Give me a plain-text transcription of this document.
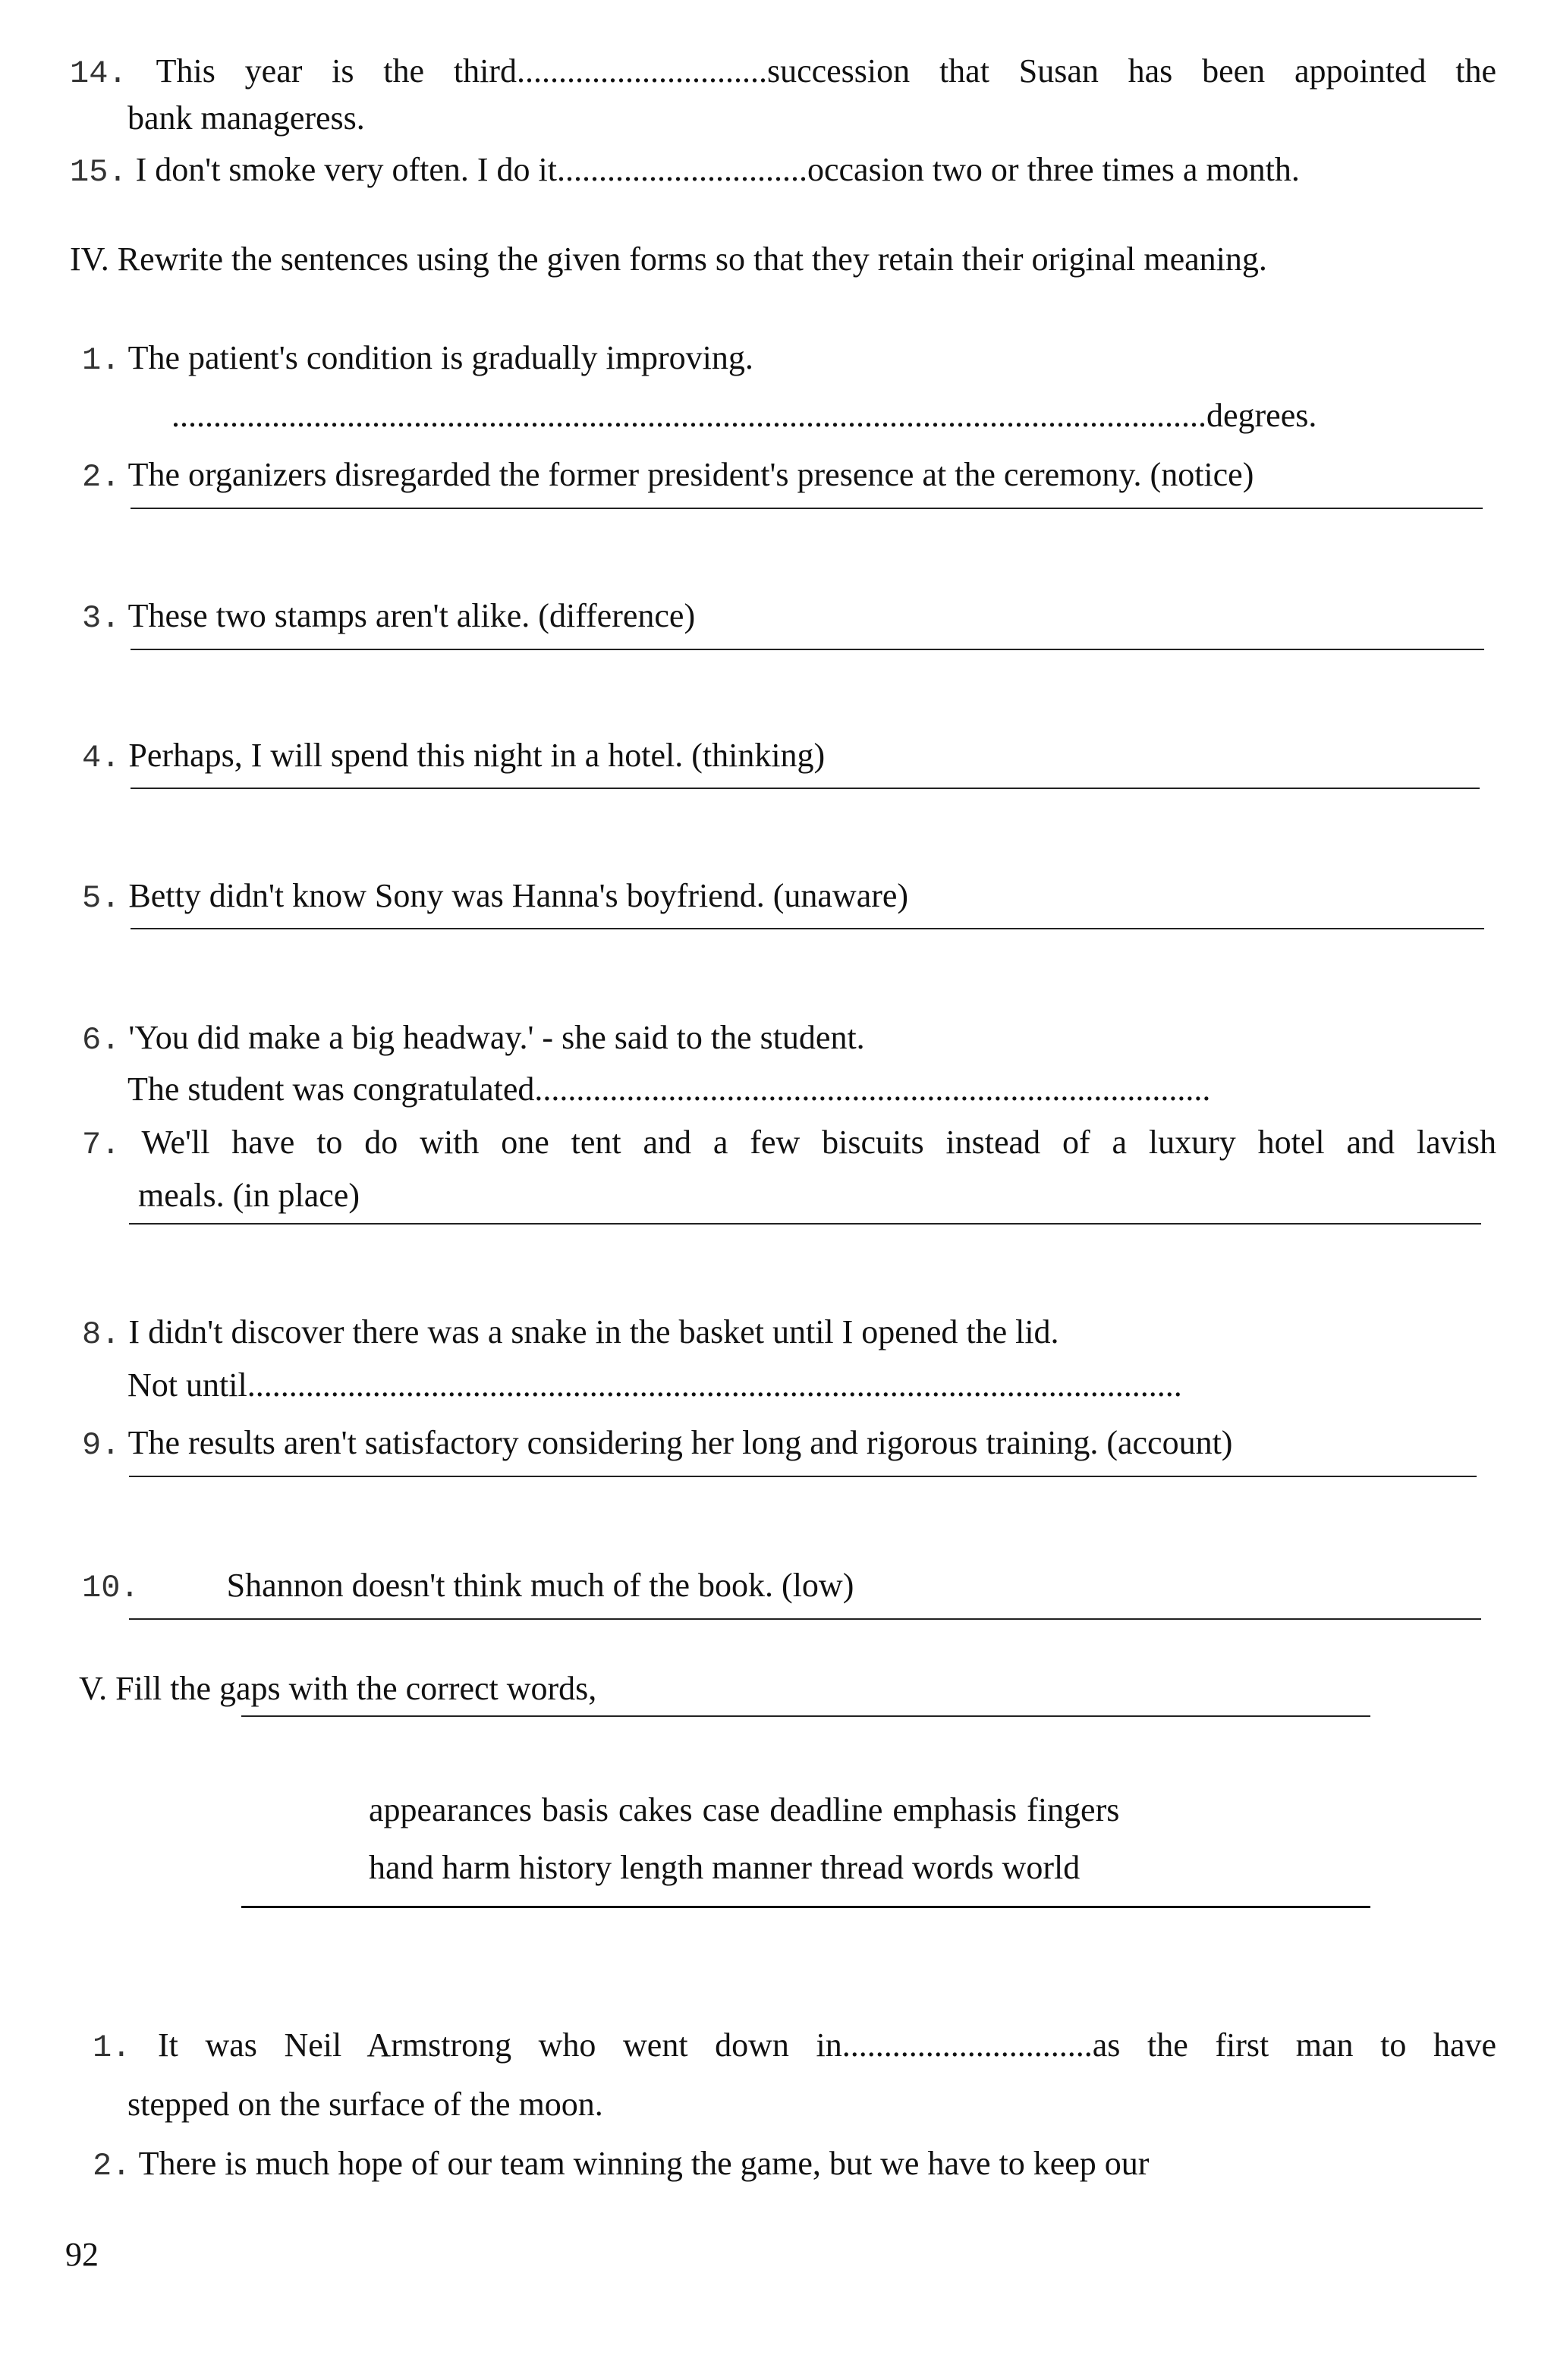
14. This year is the third..............................succession that Susan has been appointed the
bank manageress.
15. I don't smoke very often. I do it..............................occasion two or three times a month.
IV. Rewrite the sentences using the given forms so that they retain their original meaning.
1. The patient's condition is gradually improving.
............................................................................................................................degrees.
2. The organizers disregarded the former president's presence at the ceremony. (notice)
3. These two stamps aren't alike. (difference)
4. Perhaps, I will spend this night in a hotel. (thinking)
5. Betty didn't know Sony was Hanna's boyfriend. (unaware)
6. 'You did make a big headway.' - she said to the student.
The student was congratulated.................................................................................
7. We'll have to do with one tent and a few biscuits instead of a luxury hotel and lavish
meals. (in place)
8. I didn't discover there was a snake in the basket until I opened the lid.
Not until................................................................................................................
9. The results aren't satisfactory considering her long and rigorous training. (account)
10.	Shannon doesn't think much of the book. (low)
V. Fill the gaps with the correct words,
appearances basis cakes case deadline emphasis fingers
hand harm history length manner thread words world
1. It was Neil Armstrong who went down in..............................as the first man to have
stepped on the surface of the moon.
2. There is much hope of our team winning the game, but we have to keep our
92
